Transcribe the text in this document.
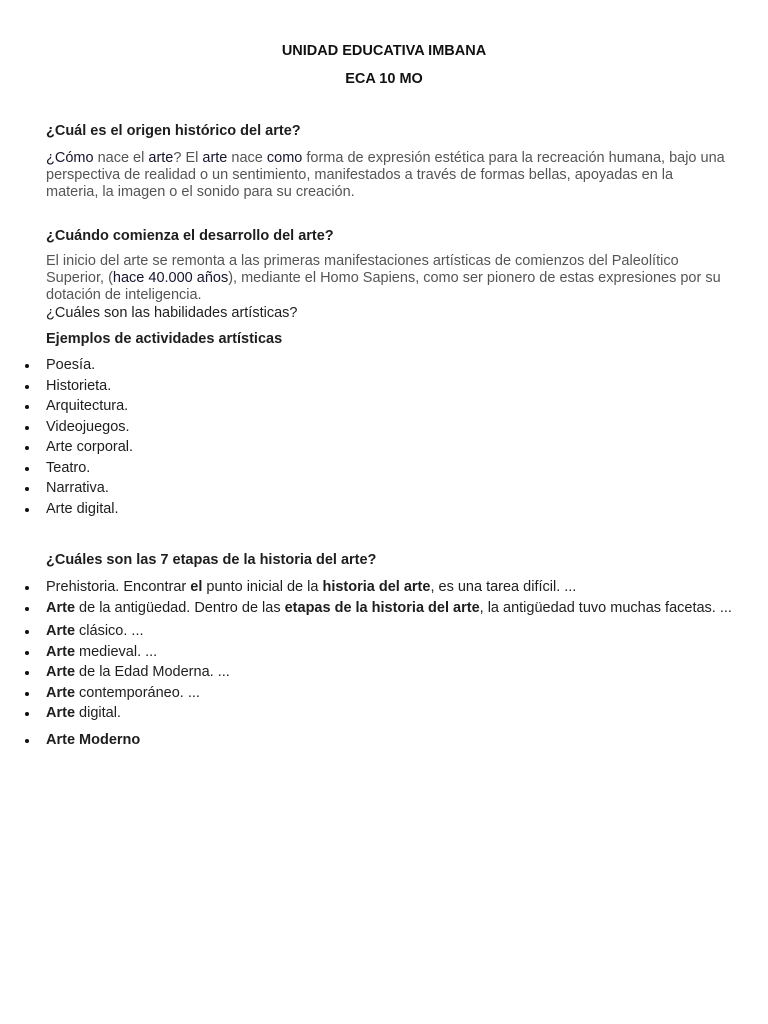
UNIDAD EDUCATIVA IMBANA
ECA 10 MO
¿Cuál es el origen histórico del arte?
¿Cómo nace el arte? El arte nace como forma de expresión estética para la recreación humana, bajo una perspectiva de realidad o un sentimiento, manifestados a través de formas bellas, apoyadas en la materia, la imagen o el sonido para su creación.
¿Cuándo comienza el desarrollo del arte?
El inicio del arte se remonta a las primeras manifestaciones artísticas de comienzos del Paleolítico Superior, (hace 40.000 años), mediante el Homo Sapiens, como ser pionero de estas expresiones por su dotación de inteligencia.
¿Cuáles son las habilidades artísticas?
Ejemplos de actividades artísticas
Poesía.
Historieta.
Arquitectura.
Videojuegos.
Arte corporal.
Teatro.
Narrativa.
Arte digital.
¿Cuáles son las 7 etapas de la historia del arte?
Prehistoria. Encontrar el punto inicial de la historia del arte, es una tarea difícil. ...
Arte de la antigüedad. Dentro de las etapas de la historia del arte, la antigüedad tuvo muchas facetas. ...
Arte clásico. ...
Arte medieval. ...
Arte de la Edad Moderna. ...
Arte contemporáneo. ...
Arte digital.
Arte Moderno
